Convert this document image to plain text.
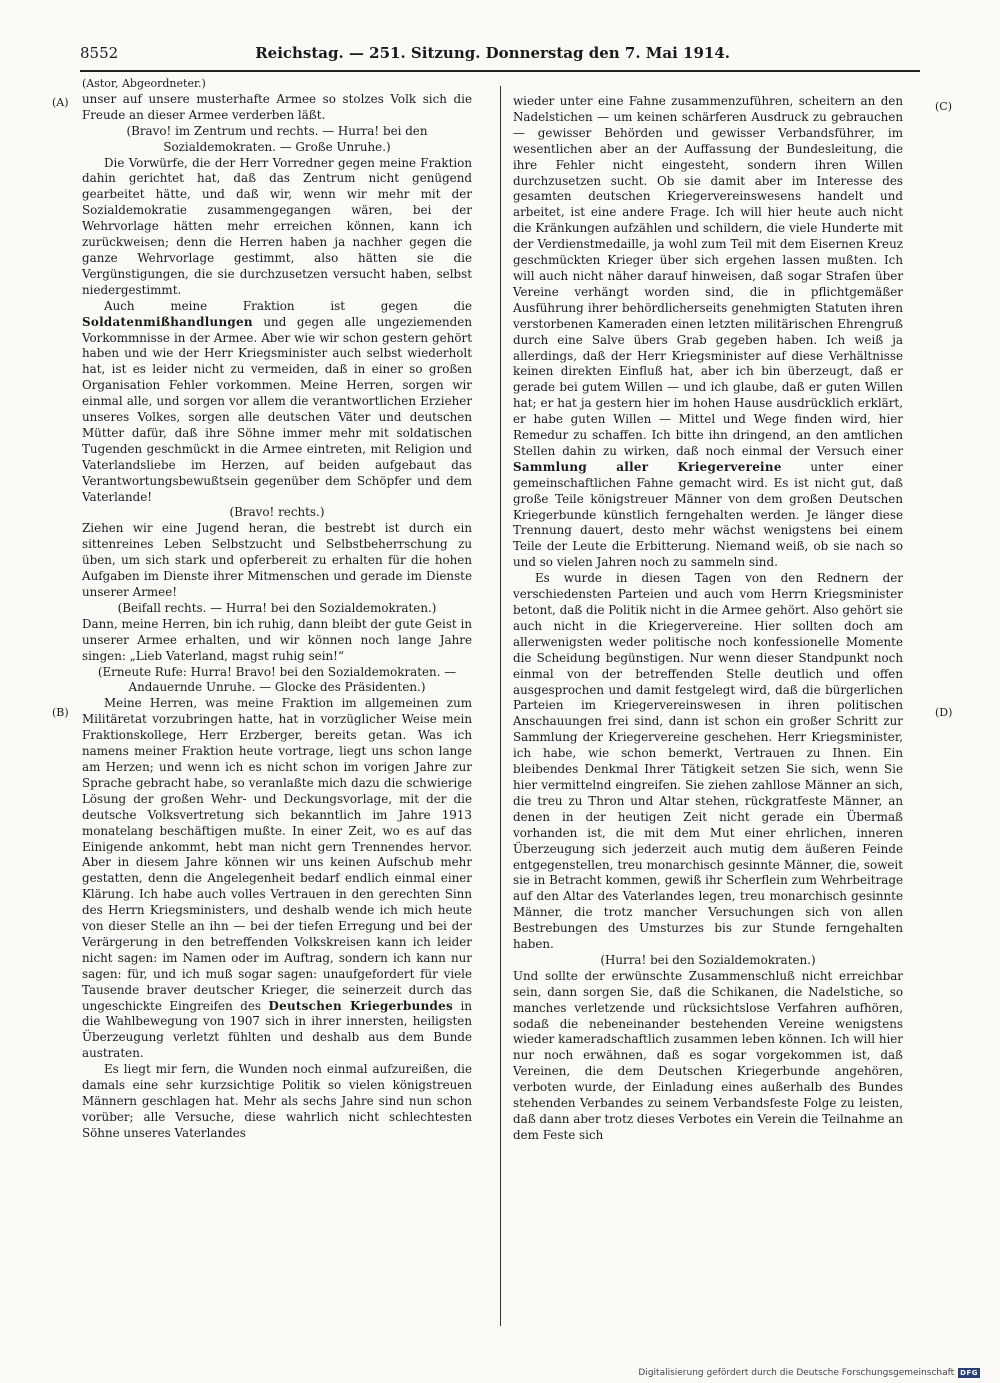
8552	Reichstag. — 251. Sitzung. Donnerstag den 7. Mai 1914.
(A)
(B)
(C)
(D)

(Astor, Abgeordneter.)

unser auf unsere musterhafte Armee so stolzes Volk sich die Freude an dieser Armee verderben läßt.

(Bravo! im Zentrum und rechts. — Hurra! bei den Sozialdemokraten. — Große Unruhe.)

Die Vorwürfe, die der Herr Vorredner gegen meine Fraktion dahin gerichtet hat, daß das Zentrum nicht genügend gearbeitet hätte, und daß wir, wenn wir mehr mit der Sozialdemokratie zusammengegangen wären, bei der Wehrvorlage hätten mehr erreichen können, kann ich zurückweisen; denn die Herren haben ja nachher gegen die ganze Wehrvorlage gestimmt, also hätten sie die Vergünstigungen, die sie durchzusetzen versucht haben, selbst niedergestimmt.

Auch meine Fraktion ist gegen die Soldatenmißhandlungen und gegen alle ungeziemenden Vorkommnisse in der Armee. Aber wie wir schon gestern gehört haben und wie der Herr Kriegsminister auch selbst wiederholt hat, ist es leider nicht zu vermeiden, daß in einer so großen Organisation Fehler vorkommen. Meine Herren, sorgen wir einmal alle, und sorgen vor allem die verantwortlichen Erzieher unseres Volkes, sorgen alle deutschen Väter und deutschen Mütter dafür, daß ihre Söhne immer mehr mit soldatischen Tugenden geschmückt in die Armee eintreten, mit Religion und Vaterlandsliebe im Herzen, auf beiden aufgebaut das Verantwortungsbewußtsein gegenüber dem Schöpfer und dem Vaterlande!

(Bravo! rechts.)

Ziehen wir eine Jugend heran, die bestrebt ist durch ein sittenreines Leben Selbstzucht und Selbstbeherrschung zu üben, um sich stark und opferbereit zu erhalten für die hohen Aufgaben im Dienste ihrer Mitmenschen und gerade im Dienste unserer Armee!

(Beifall rechts. — Hurra! bei den Sozialdemokraten.)

Dann, meine Herren, bin ich ruhig, dann bleibt der gute Geist in unserer Armee erhalten, und wir können noch lange Jahre singen: „Lieb Vaterland, magst ruhig sein!“

(Erneute Rufe: Hurra! Bravo! bei den Sozialdemokraten. — Andauernde Unruhe. — Glocke des Präsidenten.)

Meine Herren, was meine Fraktion im allgemeinen zum Militäretat vorzubringen hatte, hat in vorzüglicher Weise mein Fraktionskollege, Herr Erzberger, bereits getan. Was ich namens meiner Fraktion heute vortrage, liegt uns schon lange am Herzen; und wenn ich es nicht schon im vorigen Jahre zur Sprache gebracht habe, so veranlaßte mich dazu die schwierige Lösung der großen Wehr- und Deckungsvorlage, mit der die deutsche Volksvertretung sich bekanntlich im Jahre 1913 monatelang beschäftigen mußte. In einer Zeit, wo es auf das Einigende ankommt, hebt man nicht gern Trennendes hervor. Aber in diesem Jahre können wir uns keinen Aufschub mehr gestatten, denn die Angelegenheit bedarf endlich einmal einer Klärung. Ich habe auch volles Vertrauen in den gerechten Sinn des Herrn Kriegsministers, und deshalb wende ich mich heute von dieser Stelle an ihn — bei der tiefen Erregung und bei der Verärgerung in den betreffenden Volkskreisen kann ich leider nicht sagen: im Namen oder im Auftrag, sondern ich kann nur sagen: für, und ich muß sogar sagen: unaufgefordert für viele Tausende braver deutscher Krieger, die seinerzeit durch das ungeschickte Eingreifen des Deutschen Kriegerbundes in die Wahlbewegung von 1907 sich in ihrer innersten, heiligsten Überzeugung verletzt fühlten und deshalb aus dem Bunde austraten.

Es liegt mir fern, die Wunden noch einmal aufzureißen, die damals eine sehr kurzsichtige Politik so vielen königstreuen Männern geschlagen hat. Mehr als sechs Jahre sind nun schon vorüber; alle Versuche, diese wahrlich nicht schlechtesten Söhne unseres Vaterlandes

wieder unter eine Fahne zusammenzuführen, scheitern an den Nadelstichen — um keinen schärferen Ausdruck zu gebrauchen — gewisser Behörden und gewisser Verbandsführer, im wesentlichen aber an der Auffassung der Bundesleitung, die ihre Fehler nicht eingesteht, sondern ihren Willen durchzusetzen sucht. Ob sie damit aber im Interesse des gesamten deutschen Kriegervereinswesens handelt und arbeitet, ist eine andere Frage. Ich will hier heute auch nicht die Kränkungen aufzählen und schildern, die viele Hunderte mit der Verdienstmedaille, ja wohl zum Teil mit dem Eisernen Kreuz geschmückten Krieger über sich ergehen lassen mußten. Ich will auch nicht näher darauf hinweisen, daß sogar Strafen über Vereine verhängt worden sind, die in pflichtgemäßer Ausführung ihrer behördlicherseits genehmigten Statuten ihren verstorbenen Kameraden einen letzten militärischen Ehrengruß durch eine Salve übers Grab gegeben haben. Ich weiß ja allerdings, daß der Herr Kriegsminister auf diese Verhältnisse keinen direkten Einfluß hat, aber ich bin überzeugt, daß er gerade bei gutem Willen — und ich glaube, daß er guten Willen hat; er hat ja gestern hier im hohen Hause ausdrücklich erklärt, er habe guten Willen — Mittel und Wege finden wird, hier Remedur zu schaffen. Ich bitte ihn dringend, an den amtlichen Stellen dahin zu wirken, daß noch einmal der Versuch einer Sammlung aller Kriegervereine unter einer gemeinschaftlichen Fahne gemacht wird. Es ist nicht gut, daß große Teile königstreuer Männer von dem großen Deutschen Kriegerbunde künstlich ferngehalten werden. Je länger diese Trennung dauert, desto mehr wächst wenigstens bei einem Teile der Leute die Erbitterung. Niemand weiß, ob sie nach so und so vielen Jahren noch zu sammeln sind.

Es wurde in diesen Tagen von den Rednern der verschiedensten Parteien und auch vom Herrn Kriegsminister betont, daß die Politik nicht in die Armee gehört. Also gehört sie auch nicht in die Kriegervereine. Hier sollten doch am allerwenigsten weder politische noch konfessionelle Momente die Scheidung begünstigen. Nur wenn dieser Standpunkt noch einmal von der betreffenden Stelle deutlich und offen ausgesprochen und damit festgelegt wird, daß die bürgerlichen Parteien im Kriegervereinswesen in ihren politischen Anschauungen frei sind, dann ist schon ein großer Schritt zur Sammlung der Kriegervereine geschehen. Herr Kriegsminister, ich habe, wie schon bemerkt, Vertrauen zu Ihnen. Ein bleibendes Denkmal Ihrer Tätigkeit setzen Sie sich, wenn Sie hier vermittelnd eingreifen. Sie ziehen zahllose Männer an sich, die treu zu Thron und Altar stehen, rückgratfeste Männer, an denen in der heutigen Zeit nicht gerade ein Übermaß vorhanden ist, die mit dem Mut einer ehrlichen, inneren Überzeugung sich jederzeit auch mutig dem äußeren Feinde entgegenstellen, treu monarchisch gesinnte Männer, die, soweit sie in Betracht kommen, gewiß ihr Scherflein zum Wehrbeitrage auf den Altar des Vaterlandes legen, treu monarchisch gesinnte Männer, die trotz mancher Versuchungen sich von allen Bestrebungen des Umsturzes bis zur Stunde ferngehalten haben.

(Hurra! bei den Sozialdemokraten.)

Und sollte der erwünschte Zusammenschluß nicht erreichbar sein, dann sorgen Sie, daß die Schikanen, die Nadelstiche, so manches verletzende und rücksichtslose Verfahren aufhören, sodaß die nebeneinander bestehenden Vereine wenigstens wieder kameradschaftlich zusammen leben können. Ich will hier nur noch erwähnen, daß es sogar vorgekommen ist, daß Vereinen, die dem Deutschen Kriegerbunde angehören, verboten wurde, der Einladung eines außerhalb des Bundes stehenden Verbandes zu seinem Verbandsfeste Folge zu leisten, daß dann aber trotz dieses Verbotes ein Verein die Teilnahme an dem Feste sich

Digitalisierung gefördert durch die Deutsche Forschungsgemeinschaft DFG
